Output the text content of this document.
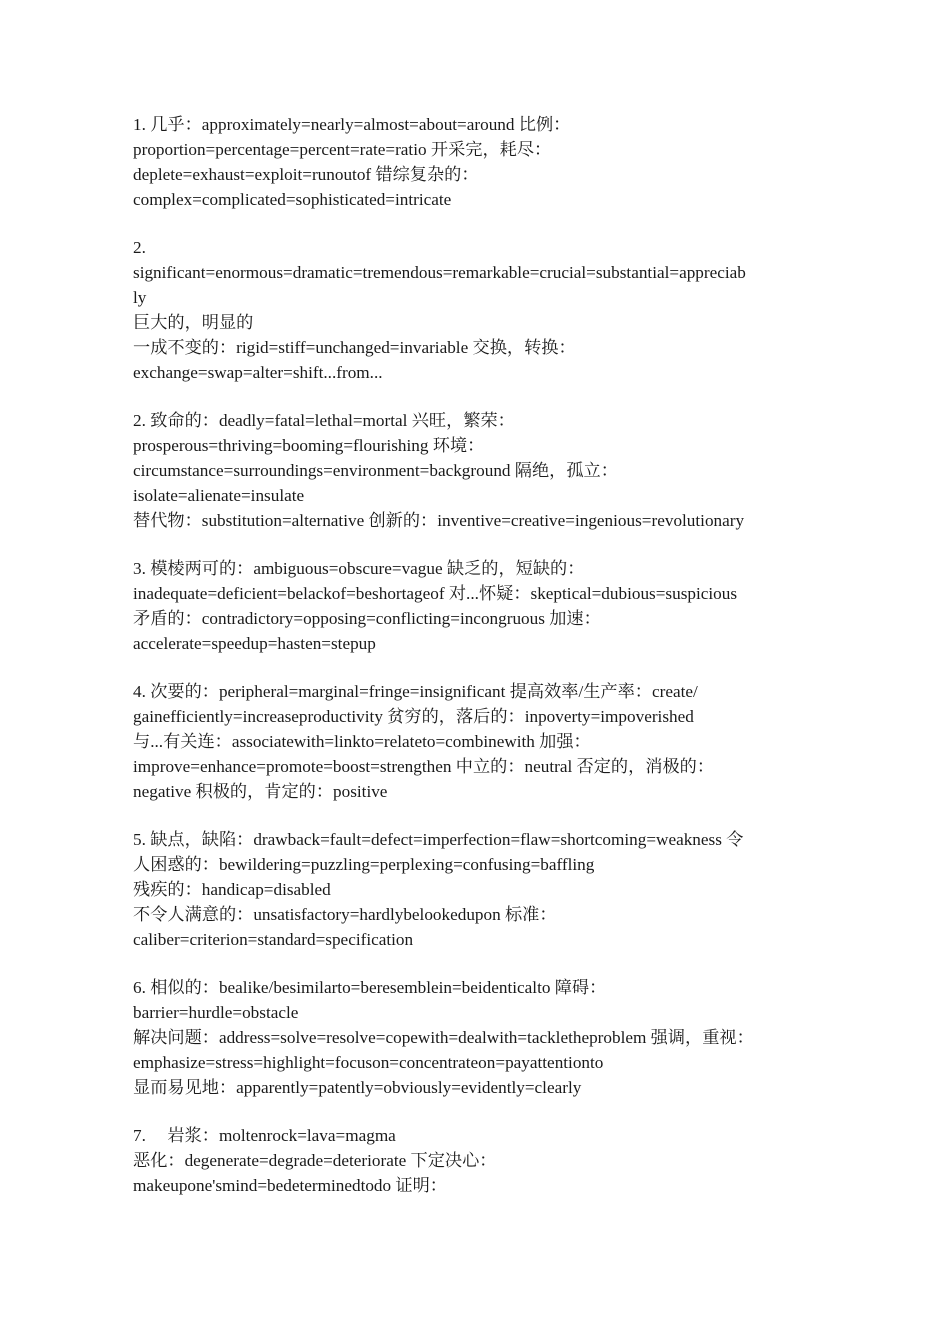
1. 几乎：approximately=nearly=almost=about=around 比例：
proportion=percentage=percent=rate=ratio 开采完，耗尽：
deplete=exhaust=exploit=runoutof 错综复杂的：
complex=complicated=sophisticated=intricate
2.
significant=enormous=dramatic=tremendous=remarkable=crucial=substantial=appreciab
ly
巨大的，明显的
一成不变的：rigid=stiff=unchanged=invariable 交换，转换：
exchange=swap=alter=shift...from...
2. 致命的：deadly=fatal=lethal=mortal 兴旺，繁荣：
prosperous=thriving=booming=flourishing 环境：
circumstance=surroundings=environment=background 隔绝，孤立：
isolate=alienate=insulate
替代物：substitution=alternative 创新的：inventive=creative=ingenious=revolutionary
3. 模棱两可的：ambiguous=obscure=vague 缺乏的，短缺的：
inadequate=deficient=belackof=beshortageof 对...怀疑：skeptical=dubious=suspicious
矛盾的：contradictory=opposing=conflicting=incongruous 加速：
accelerate=speedup=hasten=stepup
4. 次要的：peripheral=marginal=fringe=insignificant 提高效率/生产率：create/
gainefficiently=increaseproductivity 贫穷的，落后的：inpoverty=impoverished
与...有关连：associatewith=linkto=relateto=combinewith 加强：
improve=enhance=promote=boost=strengthen 中立的：neutral 否定的，消极的：
negative 积极的，肯定的：positive
5. 缺点，缺陷：drawback=fault=defect=imperfection=flaw=shortcoming=weakness 令
人困惑的：bewildering=puzzling=perplexing=confusing=baffling
残疾的：handicap=disabled
不令人满意的：unsatisfactory=hardlybelookedupon 标准：
caliber=criterion=standard=specification
6. 相似的：bealike/besimilarto=beresemblein=beidenticalto 障碍：
barrier=hurdle=obstacle
解决问题：address=solve=resolve=copewith=dealwith=tackletheproblem 强调，重视：
emphasize=stress=highlight=focuson=concentrateon=payattentionto
显而易见地：apparently=patently=obviously=evidently=clearly
7.　 岩浆：moltenrock=lava=magma
恶化：degenerate=degrade=deteriorate 下定决心：
makeupone'smind=bedeterminedtodo 证明：
